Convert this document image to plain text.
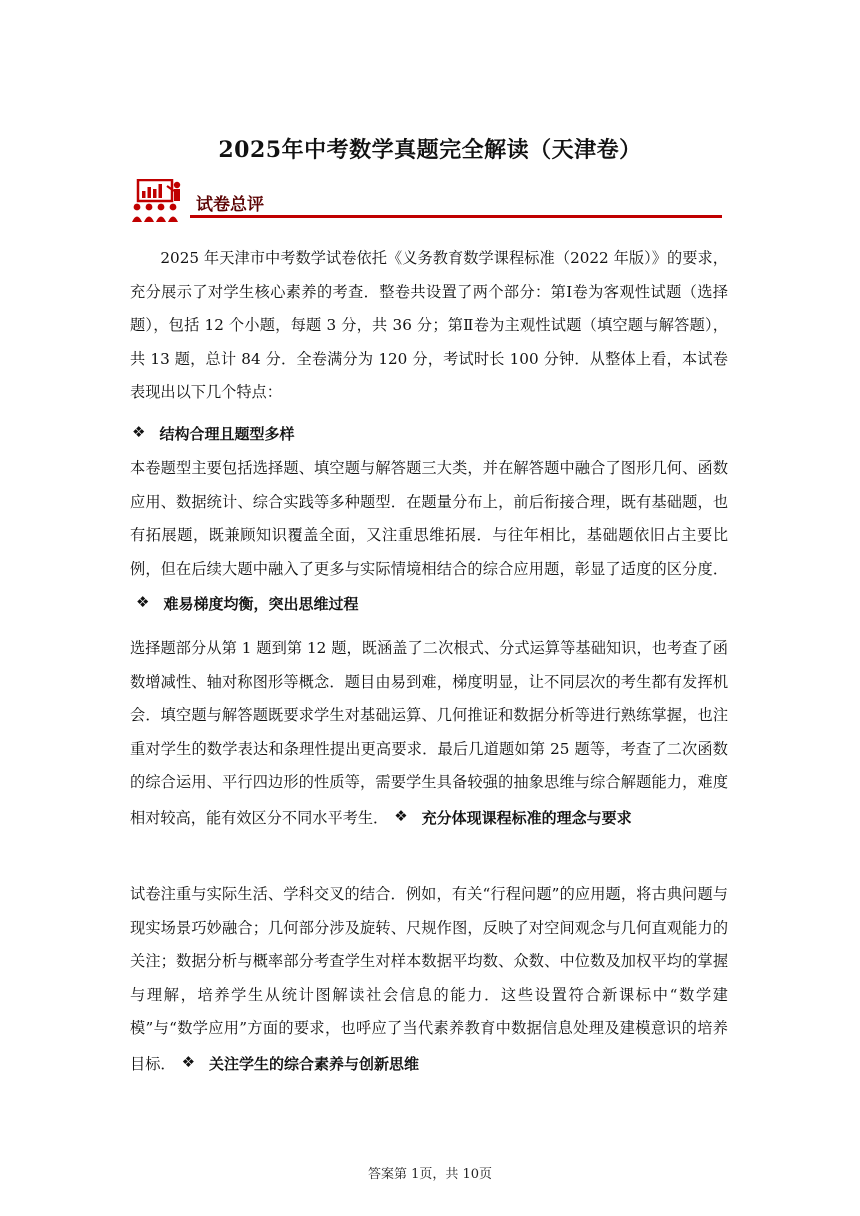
2025年中考数学真题完全解读（天津卷）
试卷总评
2025 年天津市中考数学试卷依托《义务教育数学课程标准（2022 年版）》的要求，充分展示了对学生核心素养的考查．整卷共设置了两个部分：第Ⅰ卷为客观性试题（选择题），包括 12 个小题，每题 3 分，共 36 分；第Ⅱ卷为主观性试题（填空题与解答题），共 13 题，总计 84 分．全卷满分为 120 分，考试时长 100 分钟．从整体上看，本试卷表现出以下几个特点：
❖ 结构合理且题型多样
本卷题型主要包括选择题、填空题与解答题三大类，并在解答题中融合了图形几何、函数应用、数据统计、综合实践等多种题型．在题量分布上，前后衔接合理，既有基础题，也有拓展题，既兼顾知识覆盖全面，又注重思维拓展．与往年相比，基础题依旧占主要比例，但在后续大题中融入了更多与实际情境相结合的综合应用题，彰显了适度的区分度．❖ 难易梯度均衡，突出思维过程
选择题部分从第 1 题到第 12 题，既涵盖了二次根式、分式运算等基础知识，也考查了函数增减性、轴对称图形等概念．题目由易到难，梯度明显，让不同层次的考生都有发挥机会．填空题与解答题既要求学生对基础运算、几何推证和数据分析等进行熟练掌握，也注重对学生的数学表达和条理性提出更高要求．最后几道题如第 25 题等，考查了二次函数的综合运用、平行四边形的性质等，需要学生具备较强的抽象思维与综合解题能力，难度相对较高，能有效区分不同水平考生． ❖ 充分体现课程标准的理念与要求
试卷注重与实际生活、学科交叉的结合．例如，有关“行程问题”的应用题，将古典问题与现实场景巧妙融合；几何部分涉及旋转、尺规作图，反映了对空间观念与几何直观能力的关注；数据分析与概率部分考查学生对样本数据平均数、众数、中位数及加权平均的掌握与理解，培养学生从统计图解读社会信息的能力．这些设置符合新课标中“数学建模”与“数学应用”方面的要求，也呼应了当代素养教育中数据信息处理及建模意识的培养目标． ❖ 关注学生的综合素养与创新思维
答案第 1页，共 10页
